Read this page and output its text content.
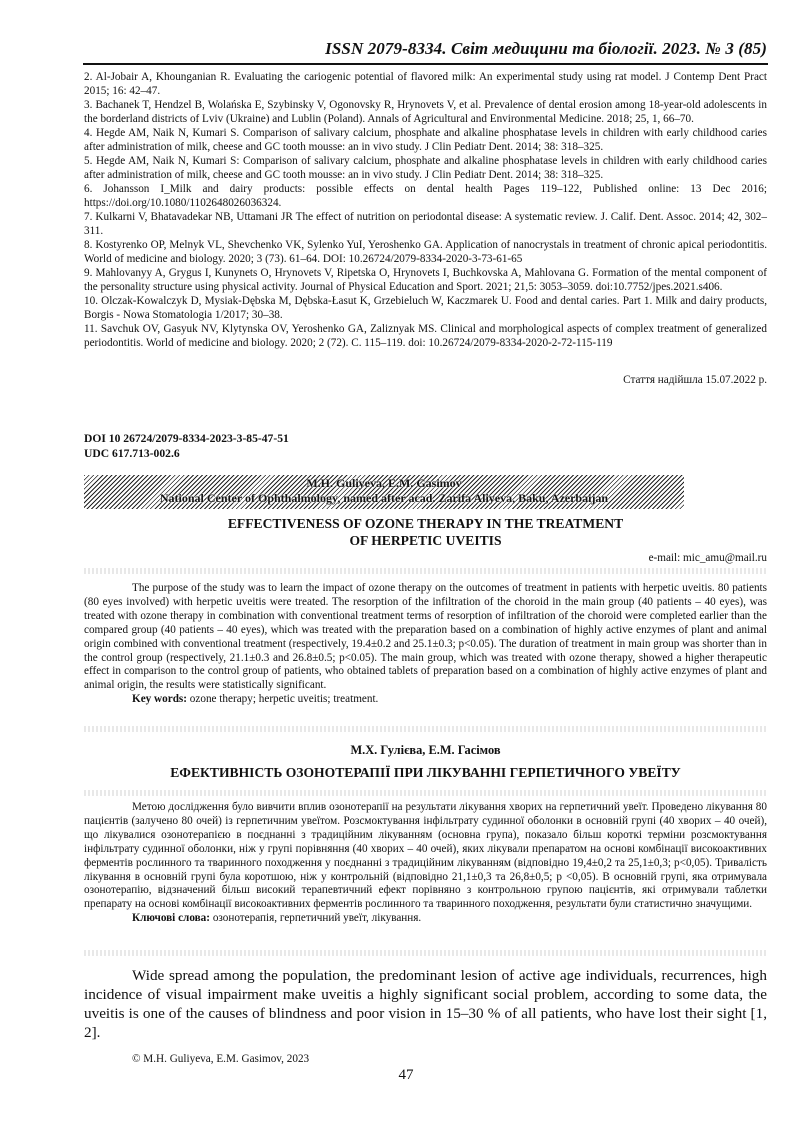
ISSN 2079-8334. Світ медицини та біології. 2023. № 3 (85)

2. Al-Jobair A, Khounganian R. Evaluating the cariogenic potential of flavored milk: An experimental study using rat model. J Contemp Dent Pract 2015; 16: 42–47.

3. Bachanek T, Hendzel B, Wolańska E, Szybinsky V, Ogonovsky R, Hrynovets V, et al. Prevalence of dental erosion among 18-year-old adolescents in the borderland districts of Lviv (Ukraine) and Lublin (Poland). Annals of Agricultural and Environmental Medicine. 2018; 25, 1, 66–70.

4. Hegde AM, Naik N, Kumari S. Comparison of salivary calcium, phosphate and alkaline phosphatase levels in children with early childhood caries after administration of milk, cheese and GC tooth mousse: an in vivo study. J Clin Pediatr Dent. 2014; 38: 318–325.

5. Hegde AM, Naik N, Kumari S: Comparison of salivary calcium, phosphate and alkaline phosphatase levels in children with early childhood caries after administration of milk, cheese and GC tooth mousse: an in vivo study. J Clin Pediatr Dent. 2014; 38: 318–325.

6. Johansson I_Milk and dairy products: possible effects on dental health Pages 119–122, Published online: 13 Dec 2016; https://doi.org/10.1080/1102648026036324.

7. Kulkarni V, Bhatavadekar NB, Uttamani JR The effect of nutrition on periodontal disease: A systematic review. J. Calif. Dent. Assoc. 2014; 42, 302–311.

8. Kostyrenko OP, Melnyk VL, Shevchenko VK, Sylenko YuI, Yeroshenko GA. Application of nanocrystals in treatment of chronic apical periodontitis. World of medicine and biology. 2020; 3 (73). 61–64. DOI: 10.26724/2079-8334-2020-3-73-61-65

9. Mahlovanyy A, Grygus I, Kunynets O, Hrynovets V, Ripetska O, Hrynovets I, Buchkovska A, Mahlovana G. Formation of the mental component of the personality structure using physical activity. Journal of Physical Education and Sport. 2021; 21,5: 3053–3059. doi:10.7752/jpes.2021.s406.

10. Olczak-Kowalczyk D, Mysiak-Dębska M, Dębska-Łasut K, Grzebieluch W, Kaczmarek U. Food and dental caries. Part 1. Milk and dairy products, Borgis - Nowa Stomatologia 1/2017; 30–38.

11. Savchuk OV, Gasyuk NV, Klytynska OV, Yeroshenko GA, Zaliznyak MS. Clinical and morphological aspects of complex treatment of generalized periodontitis. World of medicine and biology. 2020; 2 (72). C. 115–119. doi: 10.26724/2079-8334-2020-2-72-115-119

Стаття надійшла 15.07.2022 р.
DOI 10 26724/2079-8334-2023-3-85-47-51
UDC 617.713-002.6
M.H. Guliyeva, E.M. Gasimov
National Center of Ophthalmology, named after acad. Zarifa Aliyeva, Baku, Azerbaijan
EFFECTIVENESS OF OZONE THERAPY IN THE TREATMENT
OF HERPETIC UVEITIS
e-mail: mic_amu@mail.ru

The purpose of the study was to learn the impact of ozone therapy on the outcomes of treatment in patients with herpetic uveitis. 80 patients (80 eyes involved) with herpetic uveitis were treated. The resorption of the infiltration of the choroid in the main group (40 patients – 40 eyes), was treated with ozone therapy in combination with conventional treatment terms of resorption of infiltration of the choroid were completed earlier than the compared group (40 patients – 40 eyes), which was treated with the preparation based on a combination of highly active enzymes of plant and animal origin combined with conventional treatment (respectively, 19.4±0.2 and 25.1±0.3; p<0.05). The duration of treatment in main group was shorter than in the control group (respectively, 21.1±0.3 and 26.8±0.5; p<0.05). The main group, which was treated with ozone therapy, showed a higher therapeutic effect in comparison to the control group of patients, who obtained tablets of preparation based on a combination of highly active enzymes of plant and animal origin, the results were statistically significant.

Key words: ozone therapy; herpetic uveitis; treatment.

М.Х. Гулієва, Е.М. Гасімов
ЕФЕКТИВНІСТЬ ОЗОНОТЕРАПІЇ ПРИ ЛІКУВАННІ ГЕРПЕТИЧНОГО УВЕЇТУ

Метою дослідження було вивчити вплив озонотерапії на результати лікування хворих на герпетичний увеїт. Проведено лікування 80 пацієнтів (залучено 80 очей) із герпетичним увеїтом. Розсмоктування інфільтрату судинної оболонки в основній групі (40 хворих – 40 очей), що лікувалися озонотерапією в поєднанні з традиційним лікуванням (основна група), показало більш короткі терміни розсмоктування інфільтрату судинної оболонки, ніж у групі порівняння (40 хворих – 40 очей), яких лікували препаратом на основі комбінації високоактивних ферментів рослинного та тваринного походження у поєднанні з традиційним лікуванням (відповідно 19,4±0,2 та 25,1±0,3; p<0,05). Тривалість лікування в основній групі була коротшою, ніж у контрольній (відповідно 21,1±0,3 та 26,8±0,5; p <0,05). В основній групі, яка отримувала озонотерапію, відзначений більш високий терапевтичний ефект порівняно з контрольною групою пацієнтів, які отримували таблетки препарату на основі комбінації високоактивних ферментів рослинного та тваринного походження, результати були статистично значущими.

Ключові слова: озонотерапія, герпетичний увеїт, лікування.

Wide spread among the population, the predominant lesion of active age individuals, recurrences, high incidence of visual impairment make uveitis a highly significant social problem, according to some data, the uveitis is one of the causes of blindness and poor vision in 15–30 % of all patients, who have lost their sight [1, 2].

© M.H. Guliyeva, E.M. Gasimov, 2023
47
